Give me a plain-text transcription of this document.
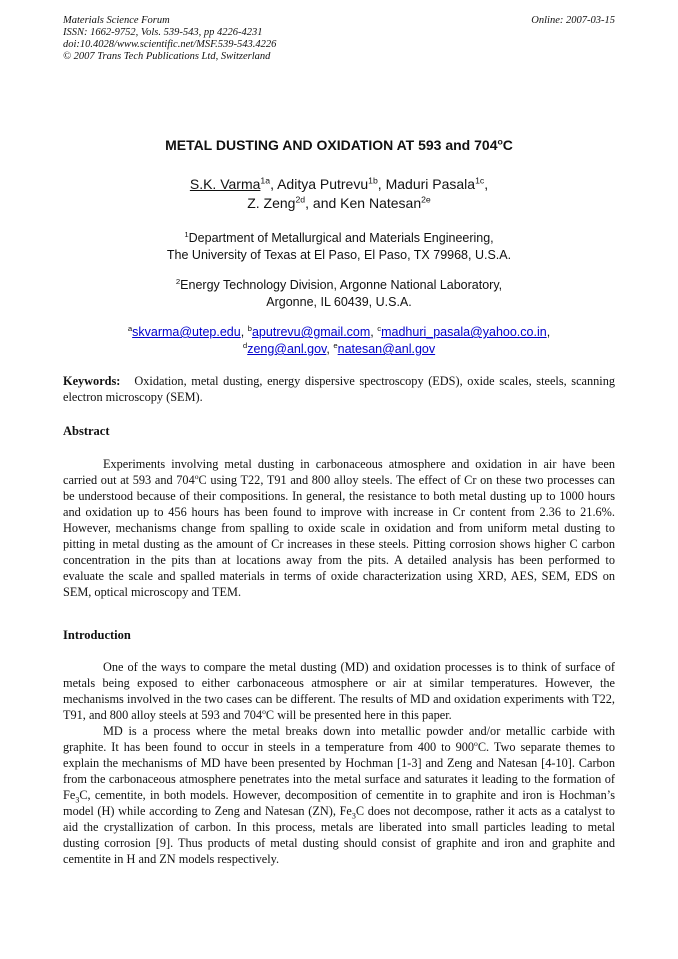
Materials Science Forum
ISSN: 1662-9752, Vols. 539-543, pp 4226-4231
doi:10.4028/www.scientific.net/MSF.539-543.4226
© 2007 Trans Tech Publications Ltd, Switzerland
Online: 2007-03-15
METAL DUSTING AND OXIDATION AT 593 and 704$^o$C
S.K. Varma$^{1a}$, Aditya Putrevu$^{1b}$, Maduri Pasala$^{1c}$,
Z. Zeng$^{2d}$, and Ken Natesan$^{2e}$
$^1$Department of Metallurgical and Materials Engineering,
The University of Texas at El Paso, El Paso, TX 79968, U.S.A.
$^2$Energy Technology Division, Argonne National Laboratory,
Argonne, IL 60439, U.S.A.
$^a$skvarma@utep.edu, $^b$aputrevu@gmail.com, $^c$madhuri_pasala@yahoo.co.in,
$^d$zeng@anl.gov, $^e$natesan@anl.gov
Keywords: Oxidation, metal dusting, energy dispersive spectroscopy (EDS), oxide scales, steels, scanning electron microscopy (SEM).
Abstract

Experiments involving metal dusting in carbonaceous atmosphere and oxidation in air have been carried out at 593 and 704$^o$C using T22, T91 and 800 alloy steels. The effect of Cr on these two processes can be understood because of their compositions. In general, the resistance to both metal dusting up to 1000 hours and oxidation up to 456 hours has been found to improve with increase in Cr content from 2.36 to 21.6%. However, mechanisms change from spalling to oxide scale in oxidation and from uniform metal dusting to pitting in metal dusting as the amount of Cr increases in these steels. Pitting corrosion shows higher C carbon concentration in the pits than at locations away from the pits. A detailed analysis has been performed to evaluate the scale and spalled materials in terms of oxide characterization using XRD, AES, SEM, EDS on SEM, optical microscopy and TEM.

Introduction

One of the ways to compare the metal dusting (MD) and oxidation processes is to think of surface of metals being exposed to either carbonaceous atmosphere or air at similar temperatures. However, the mechanisms involved in the two cases can be different. The results of MD and oxidation experiments with T22, T91, and 800 alloy steels at 593 and 704$^o$C will be presented here in this paper.

MD is a process where the metal breaks down into metallic powder and/or metallic carbide with graphite. It has been found to occur in steels in a temperature from 400 to 900$^o$C. Two separate themes to explain the mechanisms of MD have been presented by Hochman [1-3] and Zeng and Natesan [4-10]. Carbon from the carbonaceous atmosphere penetrates into the metal surface and saturates it leading to the formation of $Fe_3C$, cementite, in both models. However, decomposition of cementite in to graphite and iron is Hochman’s model (H) while according to Zeng and Natesan (ZN), $Fe_3C$ does not decompose, rather it acts as a catalyst to aid the crystallization of carbon. In this process, metals are liberated into small particles leading to metal dusting corrosion [9]. Thus products of metal dusting should consist of graphite and iron and graphite and cementite in H and ZN models respectively.
